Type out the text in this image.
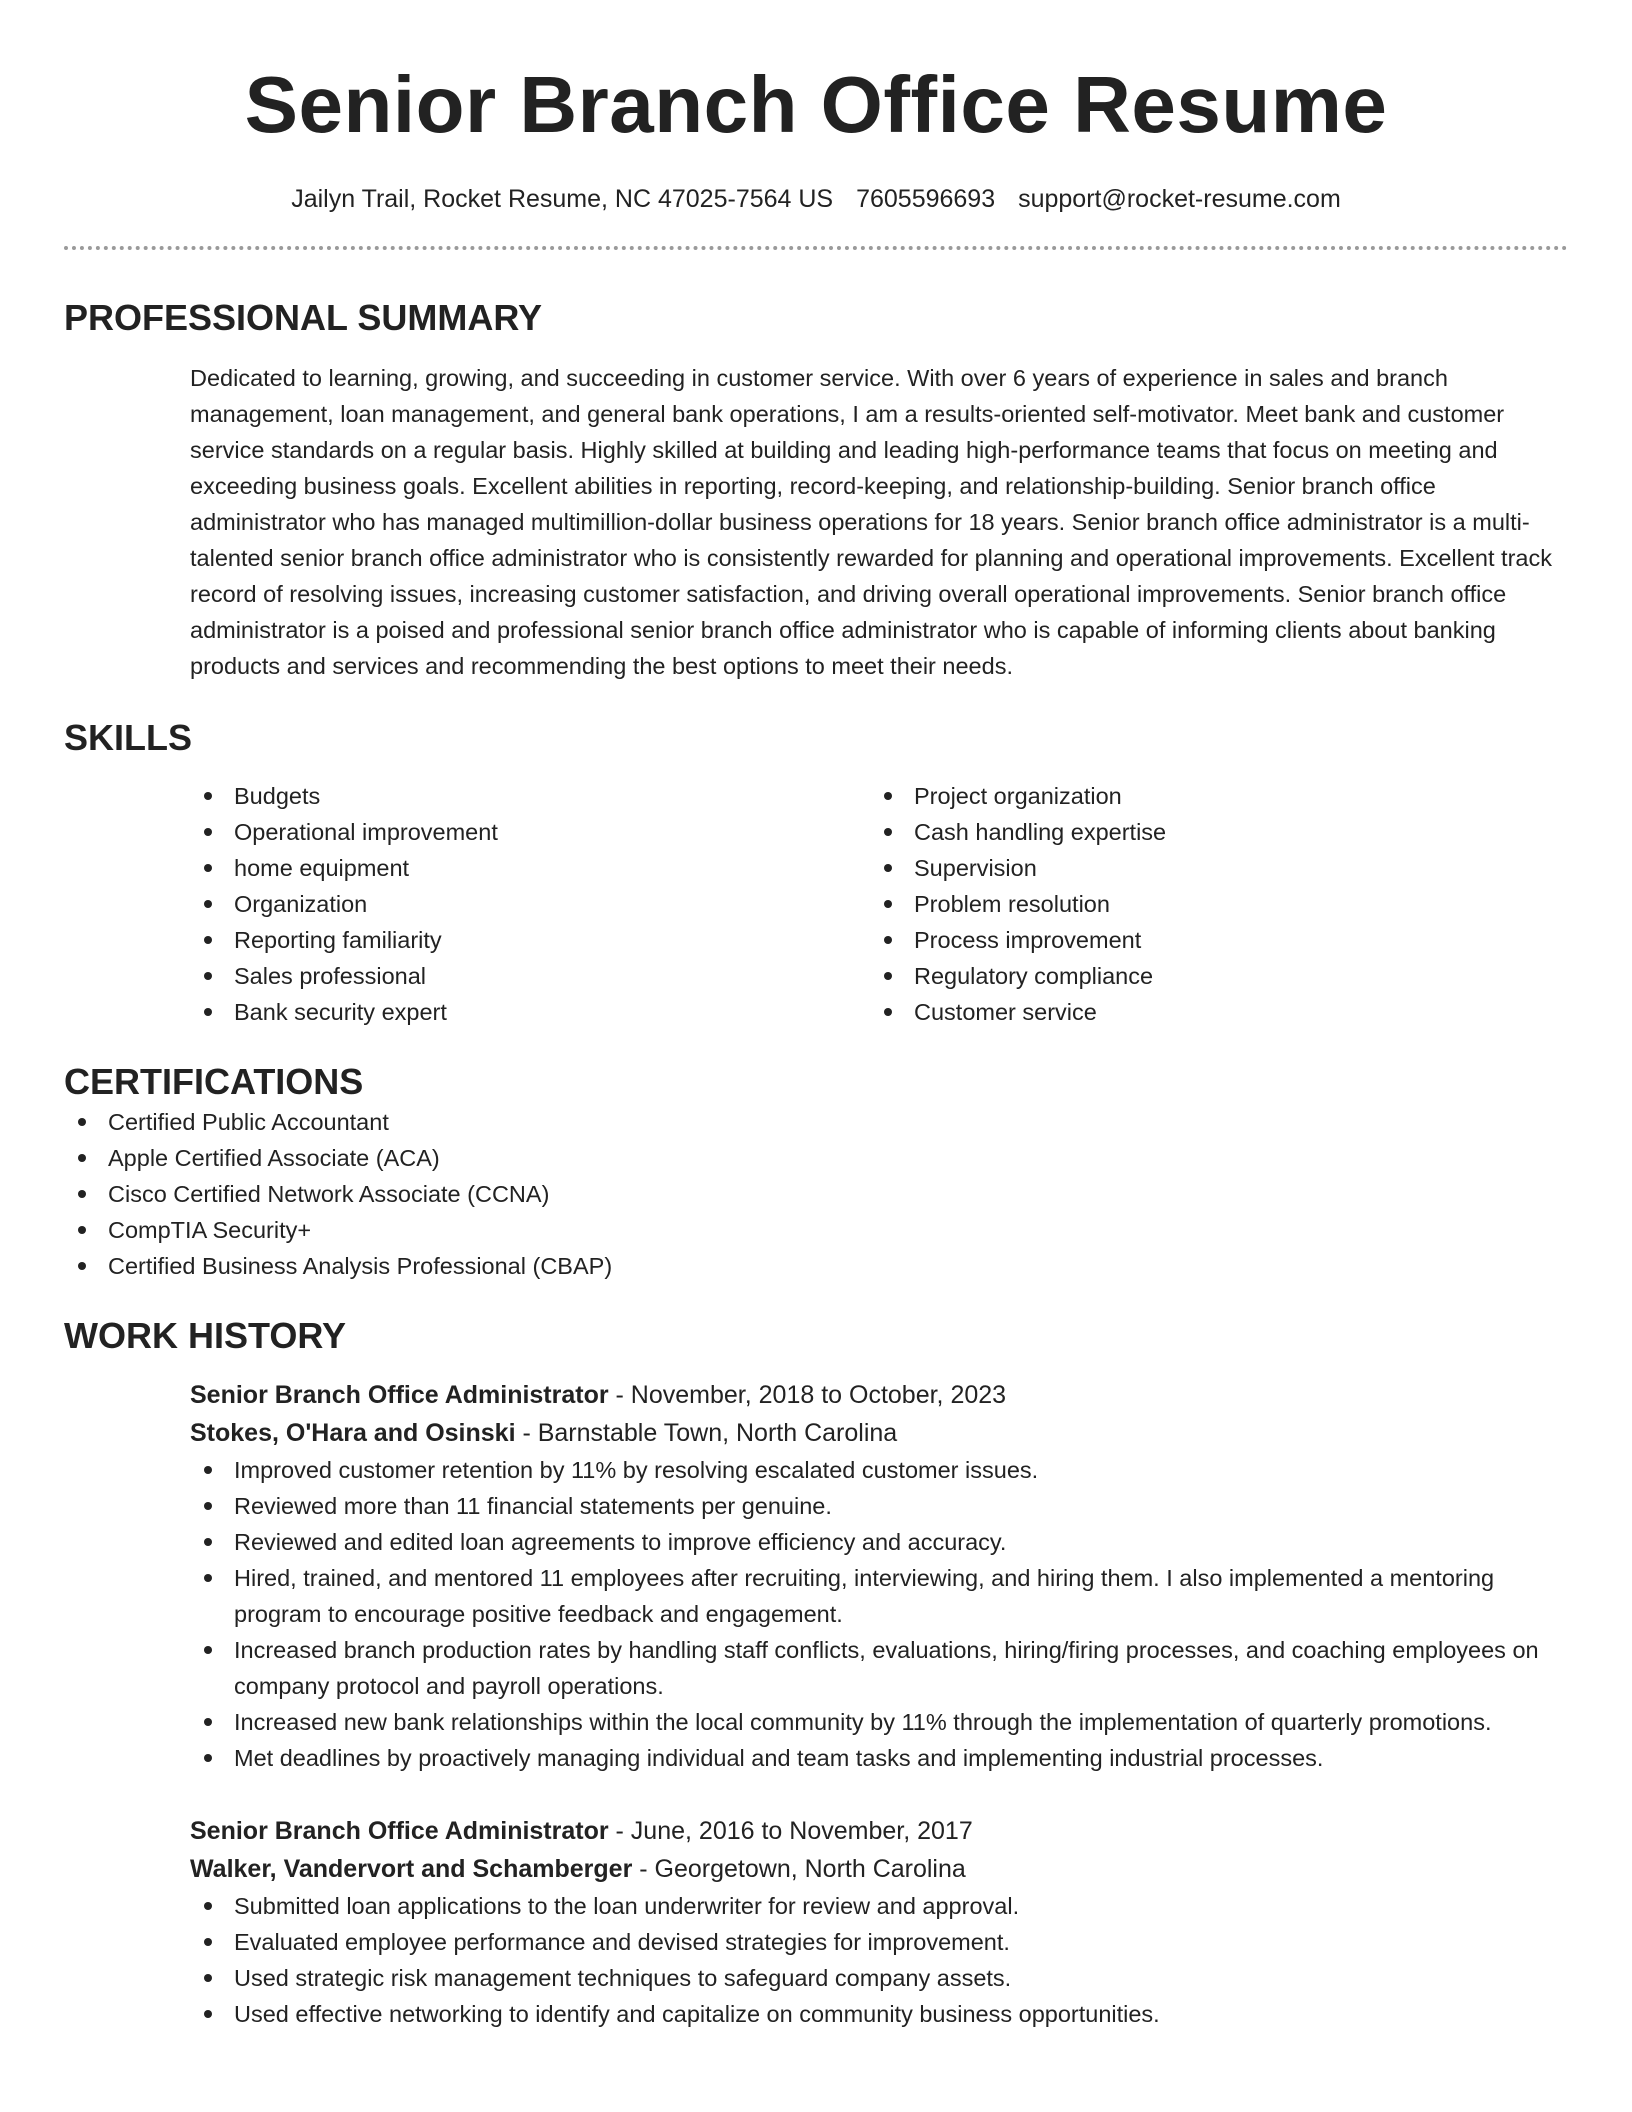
Senior Branch Office Resume
Jailyn Trail, Rocket Resume, NC 47025-7564 US 7605596693 support@rocket-resume.com
PROFESSIONAL SUMMARY

Dedicated to learning, growing, and succeeding in customer service. With over 6 years of experience in sales and branch management, loan management, and general bank operations, I am a results-oriented self-motivator. Meet bank and customer service standards on a regular basis. Highly skilled at building and leading high-performance teams that focus on meeting and exceeding business goals. Excellent abilities in reporting, record-keeping, and relationship-building. Senior branch office administrator who has managed multimillion-dollar business operations for 18 years. Senior branch office administrator is a multi-talented senior branch office administrator who is consistently rewarded for planning and operational improvements. Excellent track record of resolving issues, increasing customer satisfaction, and driving overall operational improvements. Senior branch office administrator is a poised and professional senior branch office administrator who is capable of informing clients about banking products and services and recommending the best options to meet their needs.

SKILLS
Budgets
Operational improvement
home equipment
Organization
Reporting familiarity
Sales professional
Bank security expert
Project organization
Cash handling expertise
Supervision
Problem resolution
Process improvement
Regulatory compliance
Customer service
CERTIFICATIONS
Certified Public Accountant
Apple Certified Associate (ACA)
Cisco Certified Network Associate (CCNA)
CompTIA Security+
Certified Business Analysis Professional (CBAP)
WORK HISTORY
Senior Branch Office Administrator - November, 2018 to October, 2023
Stokes, O'Hara and Osinski - Barnstable Town, North Carolina
Improved customer retention by 11% by resolving escalated customer issues.
Reviewed more than 11 financial statements per genuine.
Reviewed and edited loan agreements to improve efficiency and accuracy.
Hired, trained, and mentored 11 employees after recruiting, interviewing, and hiring them. I also implemented a mentoring program to encourage positive feedback and engagement.
Increased branch production rates by handling staff conflicts, evaluations, hiring/firing processes, and coaching employees on company protocol and payroll operations.
Increased new bank relationships within the local community by 11% through the implementation of quarterly promotions.
Met deadlines by proactively managing individual and team tasks and implementing industrial processes.
Senior Branch Office Administrator - June, 2016 to November, 2017
Walker, Vandervort and Schamberger - Georgetown, North Carolina
Submitted loan applications to the loan underwriter for review and approval.
Evaluated employee performance and devised strategies for improvement.
Used strategic risk management techniques to safeguard company assets.
Used effective networking to identify and capitalize on community business opportunities.
